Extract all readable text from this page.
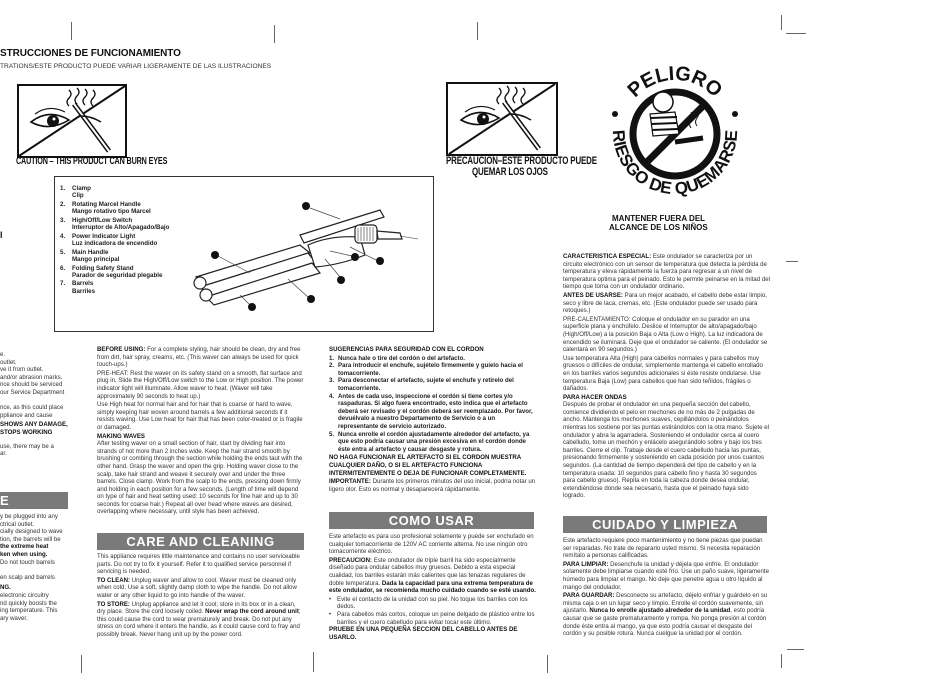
STRUCCIONES DE FUNCIONAMIENTO
TRATIONS/ESTE PRODUCTO PUEDE VARIAR LIGERAMENTE DE LAS ILUSTRACIONES
CAUTION – THIS PRODUCT CAN BURN EYES
1.	Clamp
Clip
2.	Rotating Marcel Handle
Mango rotativo tipo Marcel
3.	High/Off/Low Switch
Interruptor de Alto/Apagado/Bajo
4.	Power Indicator Light
Luz indicadora de encendido
5.	Main Handle
Mango principal
6.	Folding Safety Stand
Parador de seguridad plegable
7.	Barrels
Barriles
PRECAUCION–ESTE PRODUCTO PUEDE
QUEMAR LOS OJOS
PELIGRO
RIESGO DE QUEMARSE
MANTENER FUERA DEL
ALCANCE DE LOS NIÑOS
e.
outlet.
ve it from outlet.
and/or abrasion marks.
nce should be serviced
our Service Department
nce, as this could place
ppliance and cause
SHOWS ANY DAMAGE,
STOPS WORKING
use, there may be a
ar.
E
y be plugged into any
ctrical outlet.
cially designed to wave
tion, the barrels will be
the extreme heat
ken when using.
Do not touch barrels
en scalp and barrels
NG.
electronic circuitry
nd quickly boosts the
ing temperature. This
ary waver.
l

BEFORE USING: For a complete styling, hair should be clean, dry and free from dirt, hair spray, creams, etc. (This waver can always be used for quick touch-ups.)

PRE-HEAT: Rest the waver on its safety stand on a smooth, flat surface and plug in. Slide the High/Off/Low switch to the Low or High position. The power indicator light will illuminate. Allow waver to heat. (Waver will take approximately 90 seconds to heat up.)

Use High heat for normal hair and for hair that is coarse or hard to wave, simply keeping hair woven around barrels a few additional seconds if it resists waving. Use Low heat for hair that has been color-treated or is fragile or damaged.

MAKING WAVES

After testing waver on a small section of hair, start by dividing hair into strands of not more than 2 inches wide. Keep the hair strand smooth by brushing or combing through the section while holding the ends taut with the other hand. Grasp the waver and open the grip. Holding waver close to the scalp, take hair strand and weave it securely over and under the three barrels. Close clamp. Work from the scalp to the ends, pressing down firmly and holding in each position for a few seconds. (Length of time will depend on type of hair and heat setting used: 10 seconds for fine hair and up to 30 seconds for coarse hair.) Repeat all over head where waves are desired, overlapping where necessary, until style has been achieved.

CARE AND CLEANING

This appliance requires little maintenance and contains no user serviceable parts. Do not try to fix it yourself. Refer it to qualified service personnel if servicing is needed.

TO CLEAN: Unplug waver and allow to cool. Waver must be cleaned only when cold. Use a soft, slightly damp cloth to wipe the handle. Do not allow water or any other liquid to go into handle of the waver.

TO STORE: Unplug appliance and let it cool; store in its box or in a clean, dry place. Store the cord loosely coiled. Never wrap the cord around unit; this could cause the cord to wear prematurely and break. Do not put any stress on cord where it enters the handle, as it could cause cord to fray and possibly break. Never hang unit up by the power cord.

SUGERENCIAS PARA SEGURIDAD CON EL CORDON
1. Nunca hale o tire del cordón o del artefacto.
2. Para introducir el enchufe, sujételo firmemente y guíelo hacia el tomacorriente.
3. Para desconectar el artefacto, sujete el enchufe y retírelo del tomacorriente.
4. Antes de cada uso, inspeccione el cordón si tiene cortes y/o raspaduras. Si algo fuera encontrado, esto indica que el artefacto deberá ser revisado y el cordón deberá ser reemplazado. Por favor, devuélvalo a nuestro Departamento de Servicio o a un representante de servicio autorizado.
5. Nunca enrolle el cordón ajustadamente alrededor del artefacto, ya que esto podría causar una presión excesiva en el cordón donde éste entra al artefacto y causar desgaste y rotura.
NO HAGA FUNCIONAR EL ARTEFACTO SI EL CORDON MUESTRA CUALQUIER DAÑO, O SI EL ARTEFACTO FUNCIONA INTERMITENTEMENTE O DEJA DE FUNCIONAR COMPLETAMENTE.

IMPORTANTE: Durante los primeros minutos del uso inicial, podría notar un ligero olor. Esto es normal y desaparecerá rápidamente.

COMO USAR

Este artefacto es para uso profesional solamente y puede ser enchufado en cualquier tomacorriente de 120V AC corriente alterna. No use ningún otro tomacorriente eléctrico.

PRECAUCION: Este ondulador de triple barril ha sido especialmente diseñado para ondular cabellos muy gruesos. Debido a esta especial cualidad, los barriles estarán más calientes que las tenazas regulares de doble temperatura. Dada la capacidad para una extrema temperatura de este ondulador, se recomienda mucho cuidado cuando se esté usando.

• Evite el contacto de la unidad con su piel. No toque los barriles con los dedos.
• Para cabellos más cortos, coloque un peine delgado de plástico entre los barriles y el cuero cabelludo para evitar tocar este último.
PRUEBE EN UNA PEQUEÑA SECCION DEL CABELLO ANTES DE USARLO.

CARACTERISTICA ESPECIAL: Este ondulador se caracteriza por un circuito electrónico con un sensor de temperatura que detecta la pérdida de temperatura y eleva rápidamente la fuerza para regresar a un nivel de temperatura optima para el peinado. Esto le permite peinarse en la mitad del tiempo que toma con un ondulador ordinario.

ANTES DE USARSE: Para un mejor acabado, el cabello debe estar limpio, seco y libre de laca, cremas, etc. (Este ondulador puede ser usado para retoques.)

PRE-CALENTAMIENTO: Coloque el ondulador en su parador en una superficie plana y enchúfelo. Deslice el Interruptor de alto/apagado/bajo (High/Off/Low) a la posición Baja o Alta (Low o High). La luz indicadora de encendido se iluminará. Deje que el ondulador se caliente. (El ondulador se calentará en 90 segundos.)

Use temperatura Alta (High) para cabellos normales y para cabellos muy gruesos o difíciles de ondular, simplemente mantenga el cabello enrollado en los barriles varios segundos adicionales si éste resiste ondularse. Use temperatura Baja (Low) para cabellos que han sido teñidos, frágiles o dañados.

PARA HACER ONDAS

Después de probar el ondulador en una pequeña sección del cabello, comience dividiendo el pelo en mechones de no más de 2 pulgadas de ancho. Mantenga los mechones suaves, cepillándolos o peinándolos mientras los sostiene por las puntas estirándolos con la otra mano. Sujete el ondulador y abra la agarradera. Sosteniendo el ondulador cerca al cuero cabelludo, tome un mechón y enlácelo asegurándolo sobre y bajo los tres barriles. Cierre el clip. Trabaje desde el cuero cabelludo hacia las puntas, presionando firmemente y sosteniendo en cada posición por unos cuantos segundos. (La cantidad de tiempo dependerá del tipo de cabello y en la temperatura usada: 10 segundos para cabello fino y hasta 30 segundos para cabello grueso). Repita en toda la cabeza donde desea ondular, extendiéndose donde sea necesario, hasta que el peinado haya sido logrado.

CUIDADO Y LIMPIEZA

Este artefacto requiere poco mantenimiento y no tiene piezas que puedan ser reparadas. No trate de repararlo usted mismo. Si necesita reparación remítalo a personas calificadas.

PARA LIMPIAR: Desenchufe la unidad y déjela que enfríe. El ondulador solamente debe limpiarse cuando esté frío. Use un paño suave, ligeramente húmedo para limpiar el mango. No deje que penetre agua u otro líquido al mango del ondulador.

PARA GUARDAR: Desconecte su artefacto, déjelo enfriar y guárdelo en su misma caja o en un lugar seco y limpio. Enrolle el cordón suavemente, sin ajustarlo. Nunca lo enrolle ajustado alrededor de la unidad, esto podría causar que se gaste prematuramente y rompa. No ponga presión al cordón donde éste entra al mango, ya que esto podría causar el desgaste del cordón y su posible rotura. Nunca cuelgue la unidad por el cordón.
